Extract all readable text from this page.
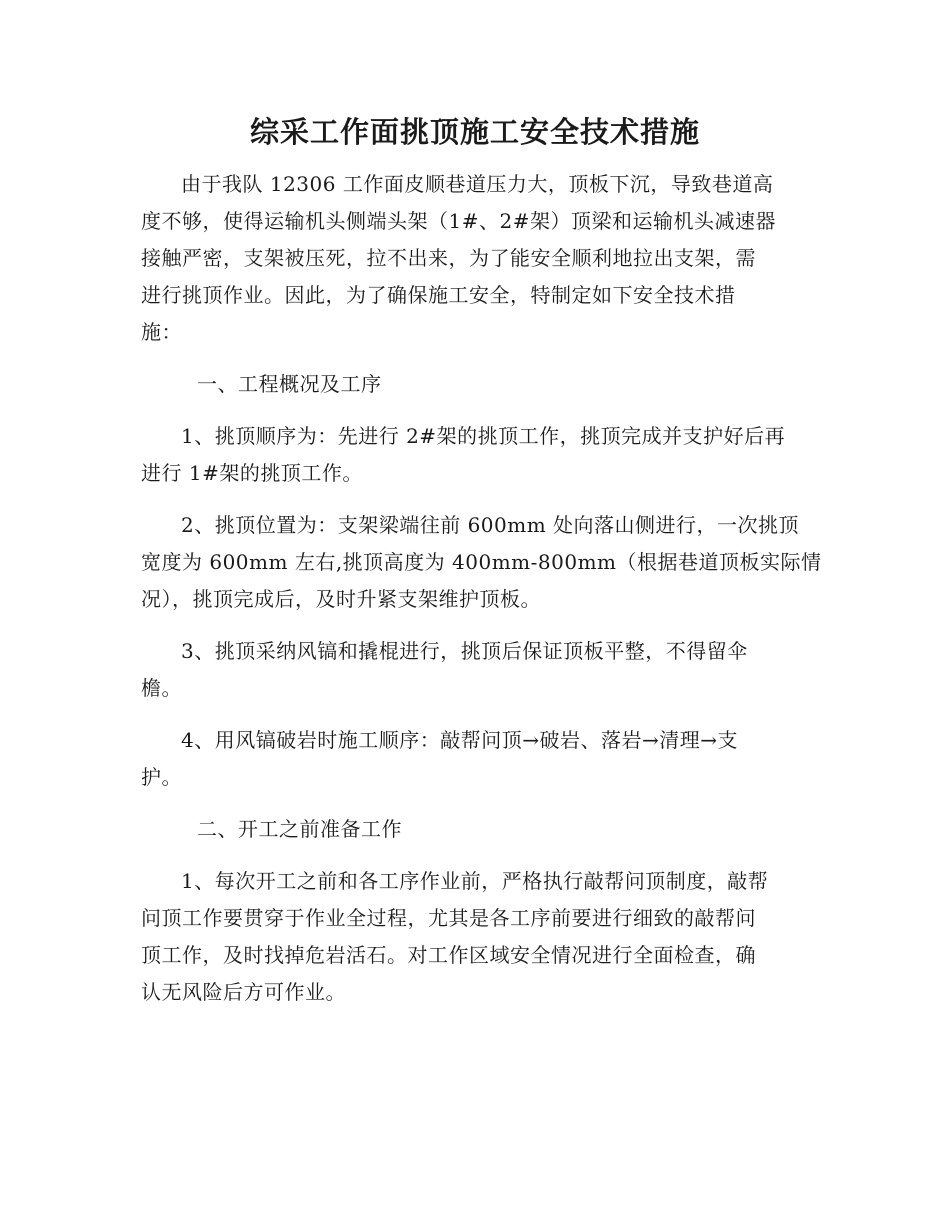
综采工作面挑顶施工安全技术措施

由于我队 12306 工作面皮顺巷道压力大，顶板下沉，导致巷道高
度不够，使得运输机头侧端头架（1#、2#架）顶梁和运输机头减速器
接触严密，支架被压死，拉不出来，为了能安全顺利地拉出支架，需
进行挑顶作业。因此，为了确保施工安全，特制定如下安全技术措
施：

一、工程概况及工序

1、挑顶顺序为：先进行 2#架的挑顶工作，挑顶完成并支护好后再
进行 1#架的挑顶工作。

2、挑顶位置为：支架梁端往前 600mm 处向落山侧进行，一次挑顶
宽度为 600mm 左右,挑顶高度为 400mm-800mm（根据巷道顶板实际情
况），挑顶完成后，及时升紧支架维护顶板。

3、挑顶采纳风镐和撬棍进行，挑顶后保证顶板平整，不得留伞
檐。

4、用风镐破岩时施工顺序：敲帮问顶→破岩、落岩→清理→支
护。

二、开工之前准备工作

1、每次开工之前和各工序作业前，严格执行敲帮问顶制度，敲帮
问顶工作要贯穿于作业全过程，尤其是各工序前要进行细致的敲帮问
顶工作，及时找掉危岩活石。对工作区域安全情况进行全面检查，确
认无风险后方可作业。
